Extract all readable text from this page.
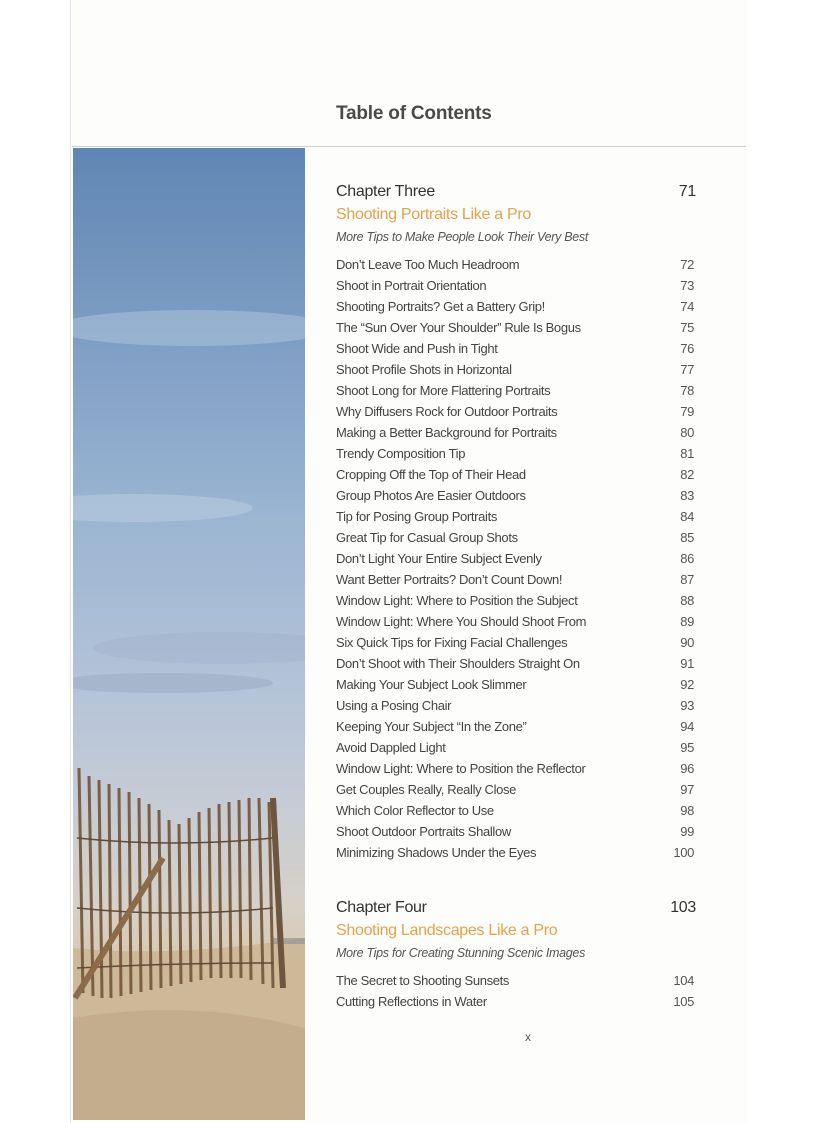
Table of Contents
Chapter Three	71
Shooting Portraits Like a Pro
More Tips to Make People Look Their Very Best
Don’t Leave Too Much Headroom	72
Shoot in Portrait Orientation	73
Shooting Portraits? Get a Battery Grip!	74
The “Sun Over Your Shoulder” Rule Is Bogus	75
Shoot Wide and Push in Tight	76
Shoot Profile Shots in Horizontal	77
Shoot Long for More Flattering Portraits	78
Why Diffusers Rock for Outdoor Portraits	79
Making a Better Background for Portraits	80
Trendy Composition Tip	81
Cropping Off the Top of Their Head	82
Group Photos Are Easier Outdoors	83
Tip for Posing Group Portraits	84
Great Tip for Casual Group Shots	85
Don’t Light Your Entire Subject Evenly	86
Want Better Portraits? Don’t Count Down!	87
Window Light: Where to Position the Subject	88
Window Light: Where You Should Shoot From	89
Six Quick Tips for Fixing Facial Challenges	90
Don’t Shoot with Their Shoulders Straight On	91
Making Your Subject Look Slimmer	92
Using a Posing Chair	93
Keeping Your Subject “In the Zone”	94
Avoid Dappled Light	95
Window Light: Where to Position the Reflector	96
Get Couples Really, Really Close	97
Which Color Reflector to Use	98
Shoot Outdoor Portraits Shallow	99
Minimizing Shadows Under the Eyes	100
Chapter Four	103
Shooting Landscapes Like a Pro
More Tips for Creating Stunning Scenic Images
The Secret to Shooting Sunsets	104
Cutting Reflections in Water	105
x
